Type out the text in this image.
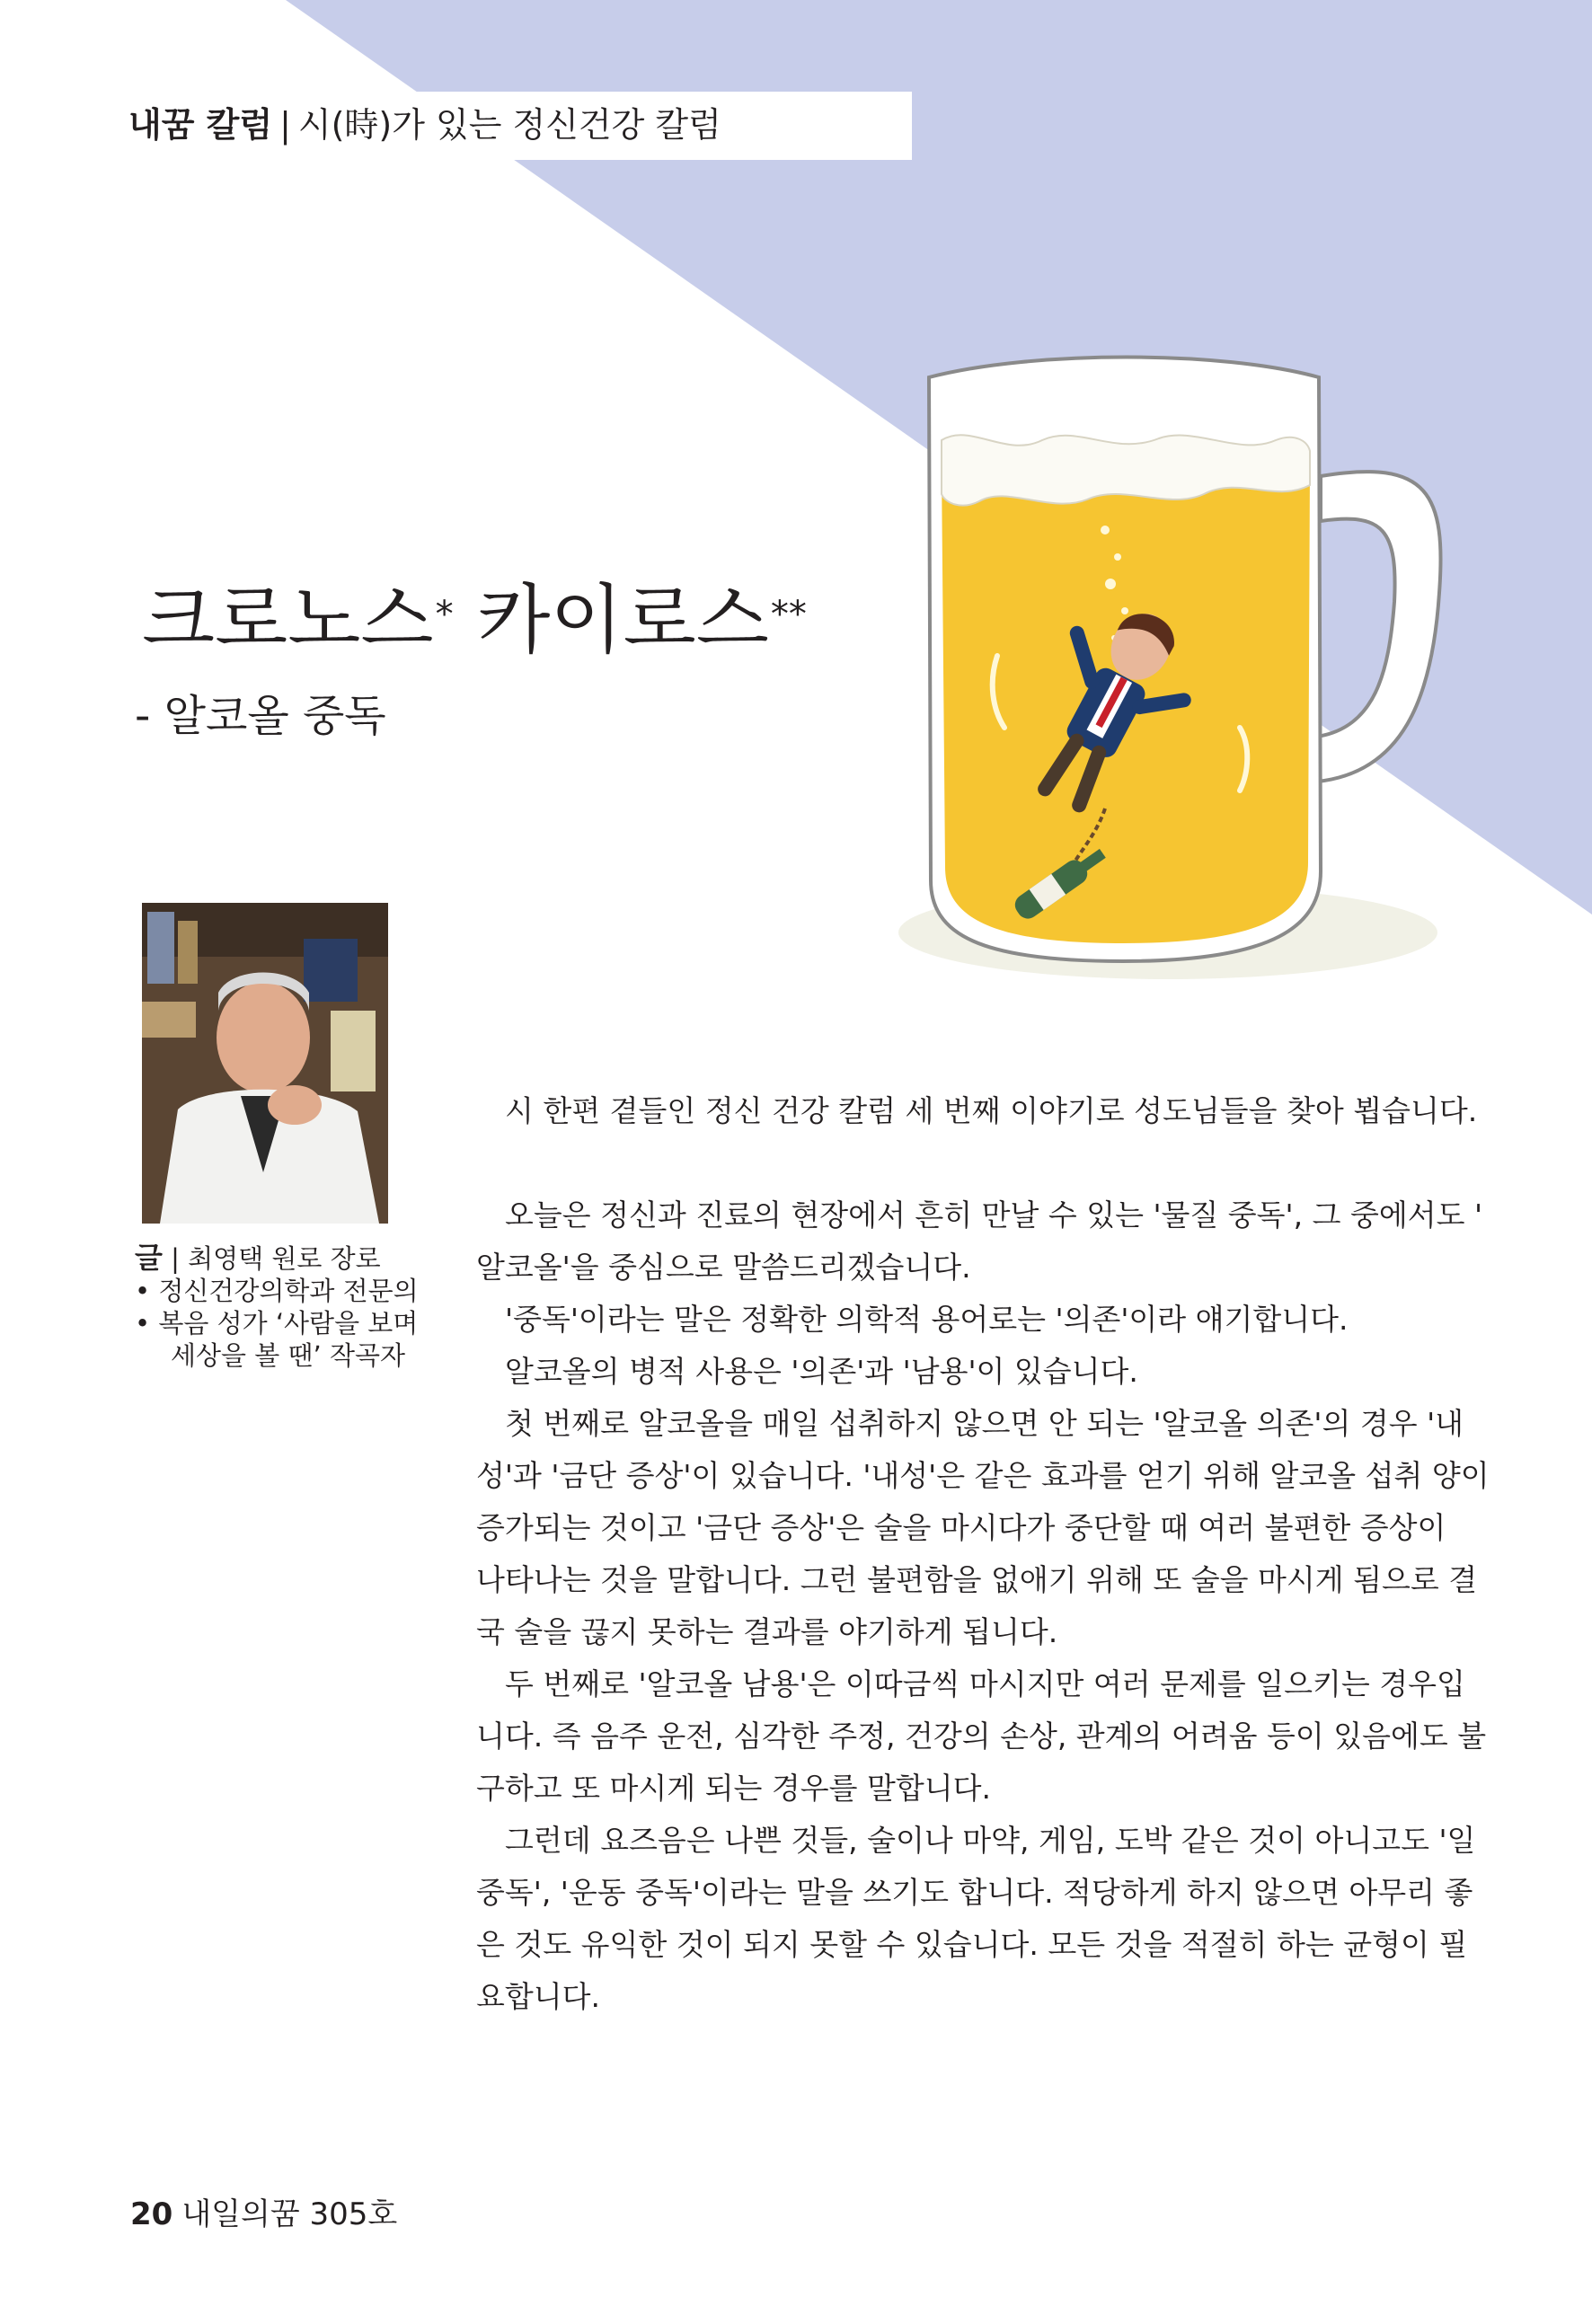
내꿈 칼럼 | 시(時)가 있는 정신건강 칼럼
크로노스* 카이로스**
- 알코올 중독
글 | 최영택 원로 장로
• 정신건강의학과 전문의
• 복음 성가 ‘사람을 보며
세상을 볼 땐’ 작곡자

시 한편 곁들인 정신 건강 칼럼 세 번째 이야기로 성도님들을 찾아 뵙습니다.

오늘은 정신과 진료의 현장에서 흔히 만날 수 있는 '물질 중독', 그 중에서도 '

알코올'을 중심으로 말씀드리겠습니다.

'중독'이라는 말은 정확한 의학적 용어로는 '의존'이라 얘기합니다.

알코올의 병적 사용은 '의존'과 '남용'이 있습니다.

첫 번째로 알코올을 매일 섭취하지 않으면 안 되는 '알코올 의존'의 경우 '내

성'과 '금단 증상'이 있습니다. '내성'은 같은 효과를 얻기 위해 알코올 섭취 양이

증가되는 것이고 '금단 증상'은 술을 마시다가 중단할 때 여러 불편한 증상이

나타나는 것을 말합니다. 그런 불편함을 없애기 위해 또 술을 마시게 됨으로 결

국 술을 끊지 못하는 결과를 야기하게 됩니다.

두 번째로 '알코올 남용'은 이따금씩 마시지만 여러 문제를 일으키는 경우입

니다. 즉 음주 운전, 심각한 주정, 건강의 손상, 관계의 어려움 등이 있음에도 불

구하고 또 마시게 되는 경우를 말합니다.

그런데 요즈음은 나쁜 것들, 술이나 마약, 게임, 도박 같은 것이 아니고도 '일

중독', '운동 중독'이라는 말을 쓰기도 합니다. 적당하게 하지 않으면 아무리 좋

은 것도 유익한 것이 되지 못할 수 있습니다. 모든 것을 적절히 하는 균형이 필

요합니다.

20 내일의꿈 305호
